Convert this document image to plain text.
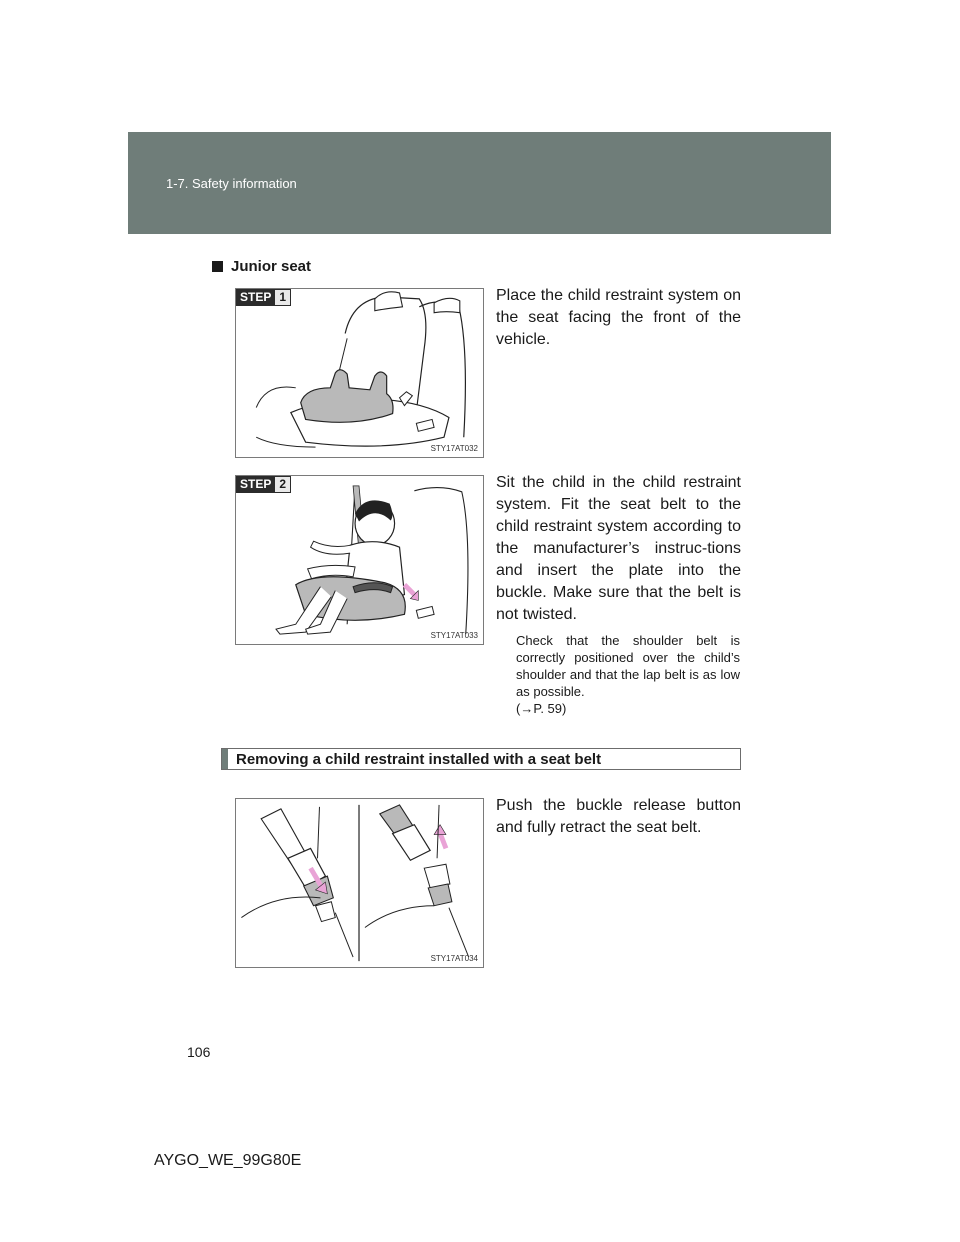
1-7. Safety information
Junior seat
STEP 1
STY17AT032
Place the child restraint system on the seat facing the front of the vehicle.
STEP 2
STY17AT033
Sit the child in the child restraint system. Fit the seat belt to the child restraint system according to the manufacturer’s instruc-tions and insert the plate into the buckle. Make sure that the belt is not twisted.
Check that the shoulder belt is correctly positioned over the child’s shoulder and that the lap belt is as low as possible.
(→P. 59)
Removing a child restraint installed with a seat belt
STY17AT034
Push the buckle release button and fully retract the seat belt.
106
AYGO_WE_99G80E
